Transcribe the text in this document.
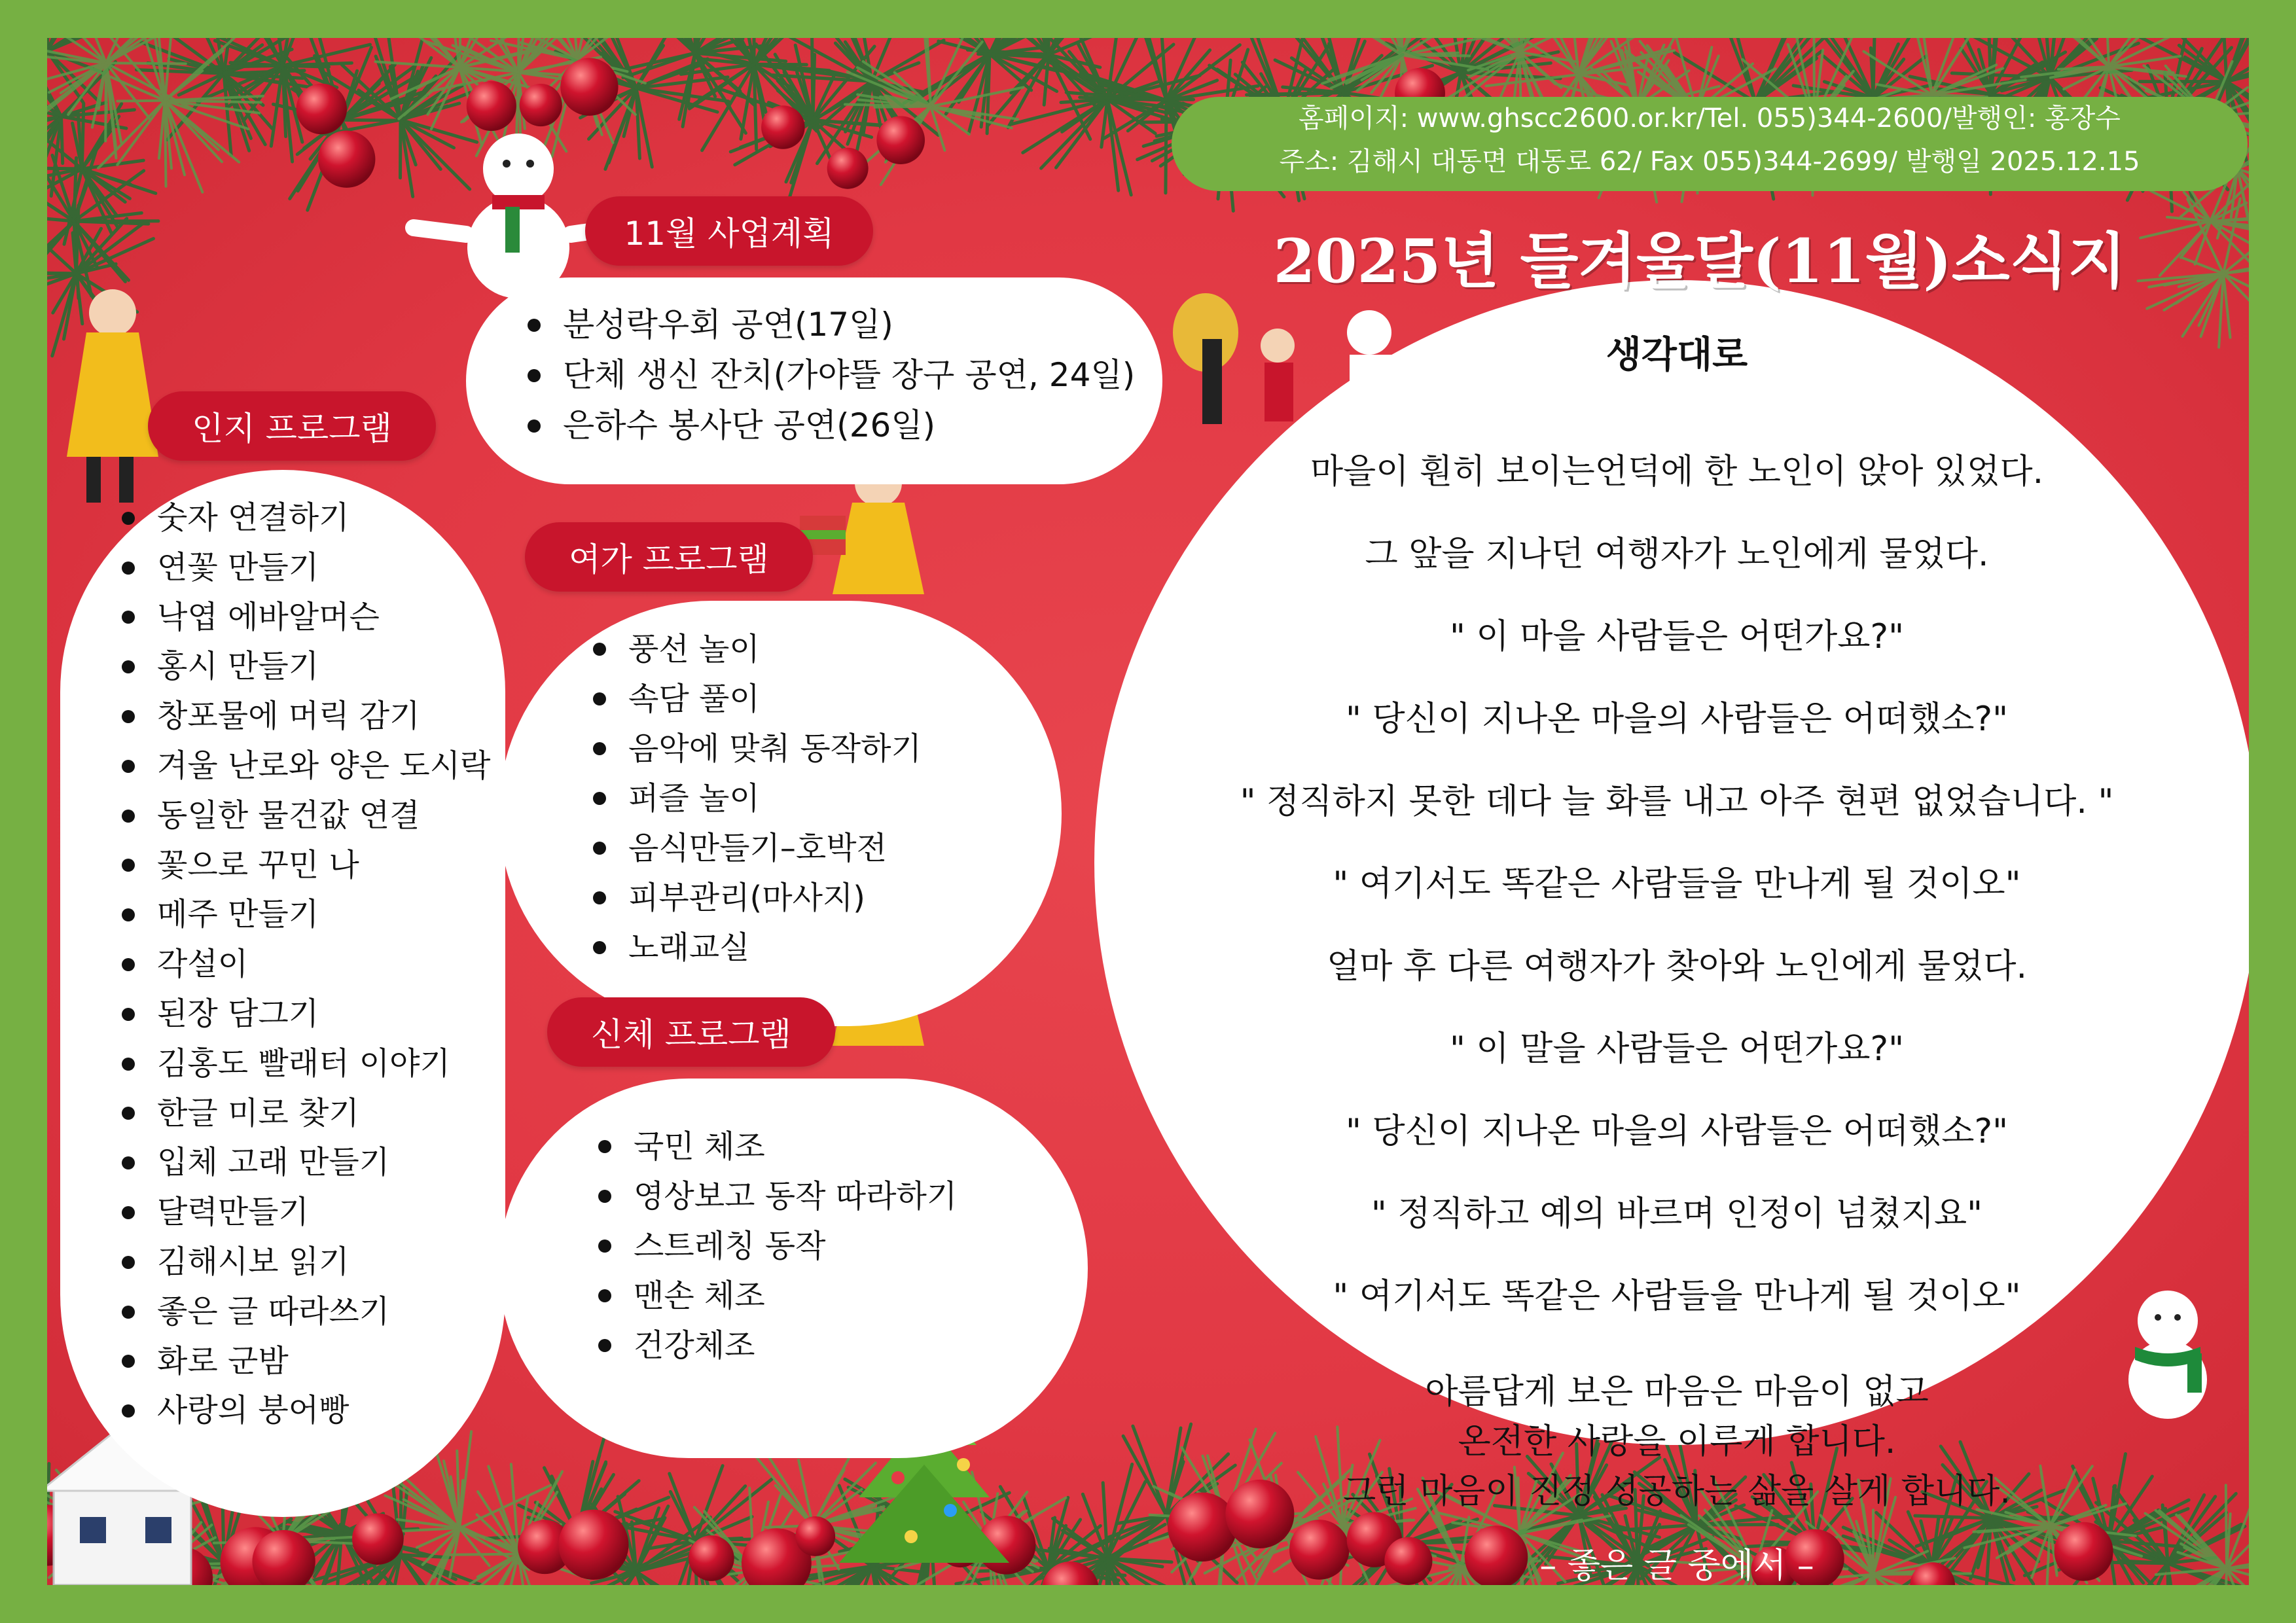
홈페이지: www.ghscc2600.or.kr/Tel. 055)344-2600/발행인: 홍장수
주소: 김해시 대동면 대동로 62/ Fax 055)344-2699/ 발행일 2025.12.15
2025년 들겨울달(11월)소식지
11월 사업계획
분성락우회 공연(17일)
단체 생신 잔치(가야뜰 장구 공연, 24일)
은하수 봉사단 공연(26일)
인지 프로그램
숫자 연결하기
연꽃 만들기
낙엽 에바알머슨
홍시 만들기
창포물에 머릭 감기
겨울 난로와 양은 도시락
동일한 물건값 연결
꽃으로 꾸민 나
메주 만들기
각설이
된장 담그기
김홍도 빨래터 이야기
한글 미로 찾기
입체 고래 만들기
달력만들기
김해시보 읽기
좋은 글 따라쓰기
화로 군밤
사랑의 붕어빵
여가 프로그램
풍선 놀이
속담 풀이
음악에 맞춰 동작하기
퍼즐 놀이
음식만들기–호박전
피부관리(마사지)
노래교실
신체 프로그램
국민 체조
영상보고 동작 따라하기
스트레칭 동작
맨손 체조
건강체조
생각대로
마을이 훤히 보이는언덕에 한 노인이 앉아 있었다.
그 앞을 지나던 여행자가 노인에게 물었다.
" 이 마을 사람들은 어떤가요?"
" 당신이 지나온 마을의 사람들은 어떠했소?"
" 정직하지 못한 데다 늘 화를 내고 아주 현편 없었습니다. "
" 여기서도 똑같은 사람들을 만나게 될 것이오"
얼마 후 다른 여행자가 찾아와 노인에게 물었다.
" 이 말을 사람들은 어떤가요?"
" 당신이 지나온 마을의 사람들은 어떠했소?"
" 정직하고 예의 바르며 인정이 넘쳤지요"
" 여기서도 똑같은 사람들을 만나게 될 것이오"
아름답게 보은 마음은 마음이 없고
온전한 사랑을 이루게 합니다.
그런 마음이 진정 성공하는 삶을 살게 합니다.
– 좋은 글 중에서 –
